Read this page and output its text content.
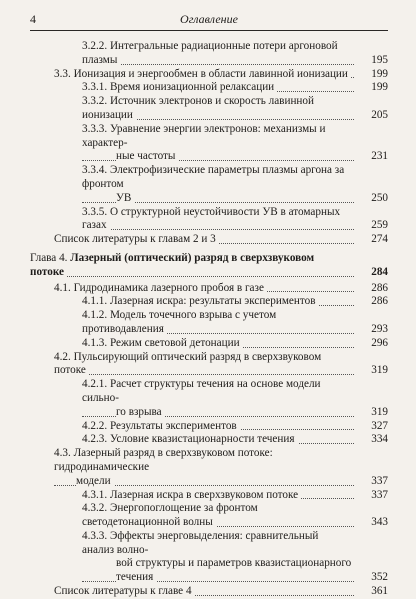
4	Оглавление
3.2.2. Интегральные радиационные потери аргоновой плазмы	195
3.3. Ионизация и энергообмен в области лавинной ионизации	199
3.3.1. Время ионизационной релаксации	199
3.3.2. Источник электронов и скорость лавинной ионизации	205
3.3.3. Уравнение энергии электронов: механизмы и характер-
ные частоты	231
3.3.4. Электрофизические параметры плазмы аргона за фронтом
УВ	250
3.3.5. О структурной неустойчивости УВ в атомарных газах	259
Список литературы к главам 2 и 3	274
Глава 4. Лазерный (оптический) разряд в сверхзвуковом потоке	284
4.1. Гидродинамика лазерного пробоя в газе	286
4.1.1. Лазерная искра: результаты экспериментов	286
4.1.2. Модель точечного взрыва с учетом противодавления	293
4.1.3. Режим световой детонации	296
4.2. Пульсирующий оптический разряд в сверхзвуковом потоке	319
4.2.1. Расчет структуры течения на основе модели сильно-
го взрыва	319
4.2.2. Результаты экспериментов	327
4.2.3. Условие квазистационарности течения	334
4.3. Лазерный разряд в сверхзвуковом потоке: гидродинамические
модели	337
4.3.1. Лазерная искра в сверхзвуковом потоке	337
4.3.2. Энергопоглощение за фронтом светодетонационной волны	343
4.3.3. Эффекты энерговыделения: сравнительный анализ волно-
вой структуры и параметров квазистационарного течения	352
Список литературы к главе 4	361
